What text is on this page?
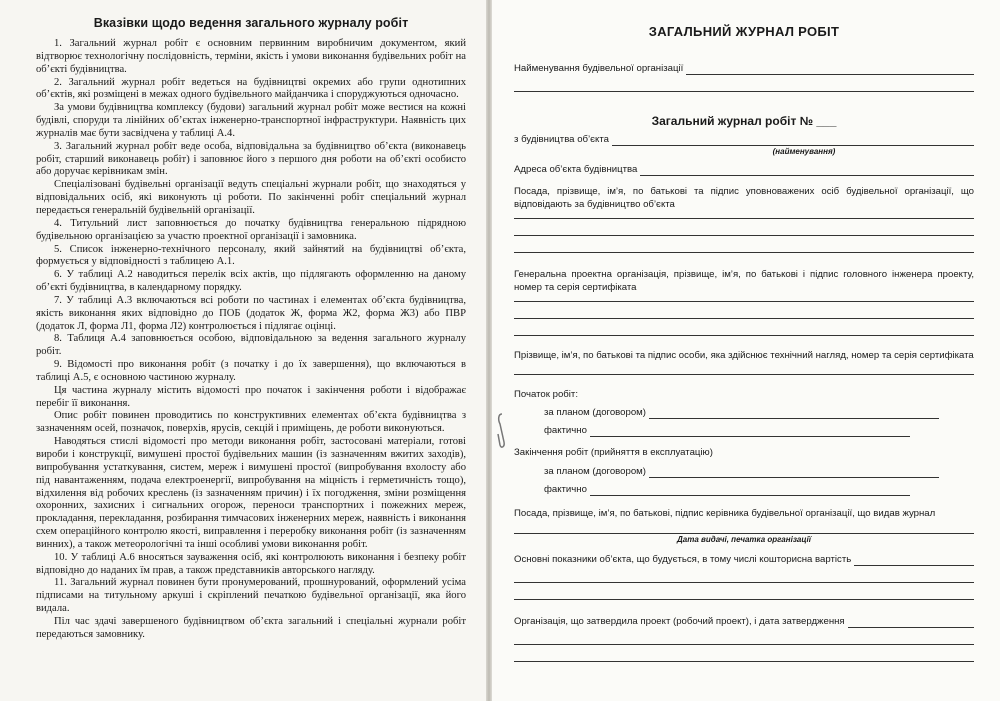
Вказівки щодо ведення загального журналу робіт

1. Загальний журнал робіт є основним первинним виробничим документом, який відтворює технологічну послідовність, терміни, якість і умови виконання будівельних робіт на об’єкті будівництва.

2. Загальний журнал робіт ведеться на будівництві окремих або групи однотипних об’єктів, які розміщені в межах одного будівельного майданчика і споруджуються одночасно.

За умови будівництва комплексу (будови) загальний журнал робіт може вестися на кожні будівлі, споруди та лінійних об’єктах інженерно-транспортної інфраструктури. Наявність цих журналів має бути засвідчена у таблиці А.4.

3. Загальний журнал робіт веде особа, відповідальна за будівництво об’єкта (виконавець робіт, старший виконавець робіт) і заповнює його з першого дня роботи на об’єкті особисто або доручає керівникам змін.

Спеціалізовані будівельні організації ведуть спеціальні журнали робіт, що знаходяться у відповідальних осіб, які виконують ці роботи. По закінченні робіт спеціальний журнал передається генеральній будівельній організації.

4. Титульний лист заповнюється до початку будівництва генеральною підрядною будівельною організацією за участю проектної організації і замовника.

5. Список інженерно-технічного персоналу, який зайнятий на будівництві об’єкта, формується у відповідності з таблицею А.1.

6. У таблиці А.2 наводиться перелік всіх актів, що підлягають оформленню на даному об’єкті будівництва, в календарному порядку.

7. У таблиці А.3 включаються всі роботи по частинах і елементах об’єкта будівництва, якість виконання яких відповідно до ПОБ (додаток Ж, форма Ж2, форма Ж3) або ПВР (додаток Л, форма Л1, форма Л2) контролюється і підлягає оцінці.

8. Таблиця А.4 заповнюється особою, відповідальною за ведення загального журналу робіт.

9. Відомості про виконання робіт (з початку і до їх завершення), що включаються в таблиці А.5, є основною частиною журналу.

Ця частина журналу містить відомості про початок і закінчення роботи і відображає перебіг її виконання.

Опис робіт повинен проводитись по конструктивних елементах об’єкта будівництва з зазначенням осей, позначок, поверхів, ярусів, секцій і приміщень, де роботи виконуються.

Наводяться стислі відомості про методи виконання робіт, застосовані матеріали, готові вироби і конструкції, вимушені простої будівельних машин (із зазначенням вжитих заходів), випробування устаткування, систем, мереж і вимушені простої (випробування вхолосту або під навантаженням, подача електроенергії, випробування на міцність і герметичність тощо), відхилення від робочих креслень (із зазначенням причин) і їх погодження, зміни розміщення охоронних, захисних і сигнальних огорож, переноси транспортних і пожежних мереж, прокладання, перекладання, розбирання тимчасових інженерних мереж, наявність і виконання схем операційного контролю якості, виправлення і переробку виконання робіт (із зазначенням винних), а також метеорологічні та інші особливі умови виконання робіт.

10. У таблиці А.6 вносяться зауваження осіб, які контролюють виконання і безпеку робіт відповідно до наданих їм прав, а також представників авторського нагляду.

11. Загальний журнал повинен бути пронумерований, прошнурований, оформлений усіма підписами на титульному аркуші і скріплений печаткою будівельної організації, яка його видала.

Піл час здачі завершеного будівництвом об’єкта загальний і спеціальні журнали робіт передаються замовнику.

ЗАГАЛЬНИЙ ЖУРНАЛ РОБІТ
Найменування будівельної організації
Загальний журнал робіт № ___
з будівництва об’єкта
(найменування)
Адреса об’єкта будівництва
Посада, прізвище, ім’я, по батькові та підпис уповноважених осіб будівельної організації, що відповідають за будівництво об’єкта
Генеральна проектна організація, прізвище, ім’я, по батькові і підпис головного інженера проекту, номер та серія сертифіката
Прізвище, ім’я, по батькові та підпис особи, яка здійснює технічний нагляд, номер та серія сертифіката
Початок робіт:
за планом (договором)
фактично
Закінчення робіт (прийняття в експлуатацію)
за планом (договором)
фактично
Посада, прізвище, ім’я, по батькові, підпис керівника будівельної організації, що видав журнал
Дата видачі, печатка організації
Основні показники об’єкта, що будується, в тому числі кошторисна вартість
Організація, що затвердила проект (робочий проект), і дата затвердження
